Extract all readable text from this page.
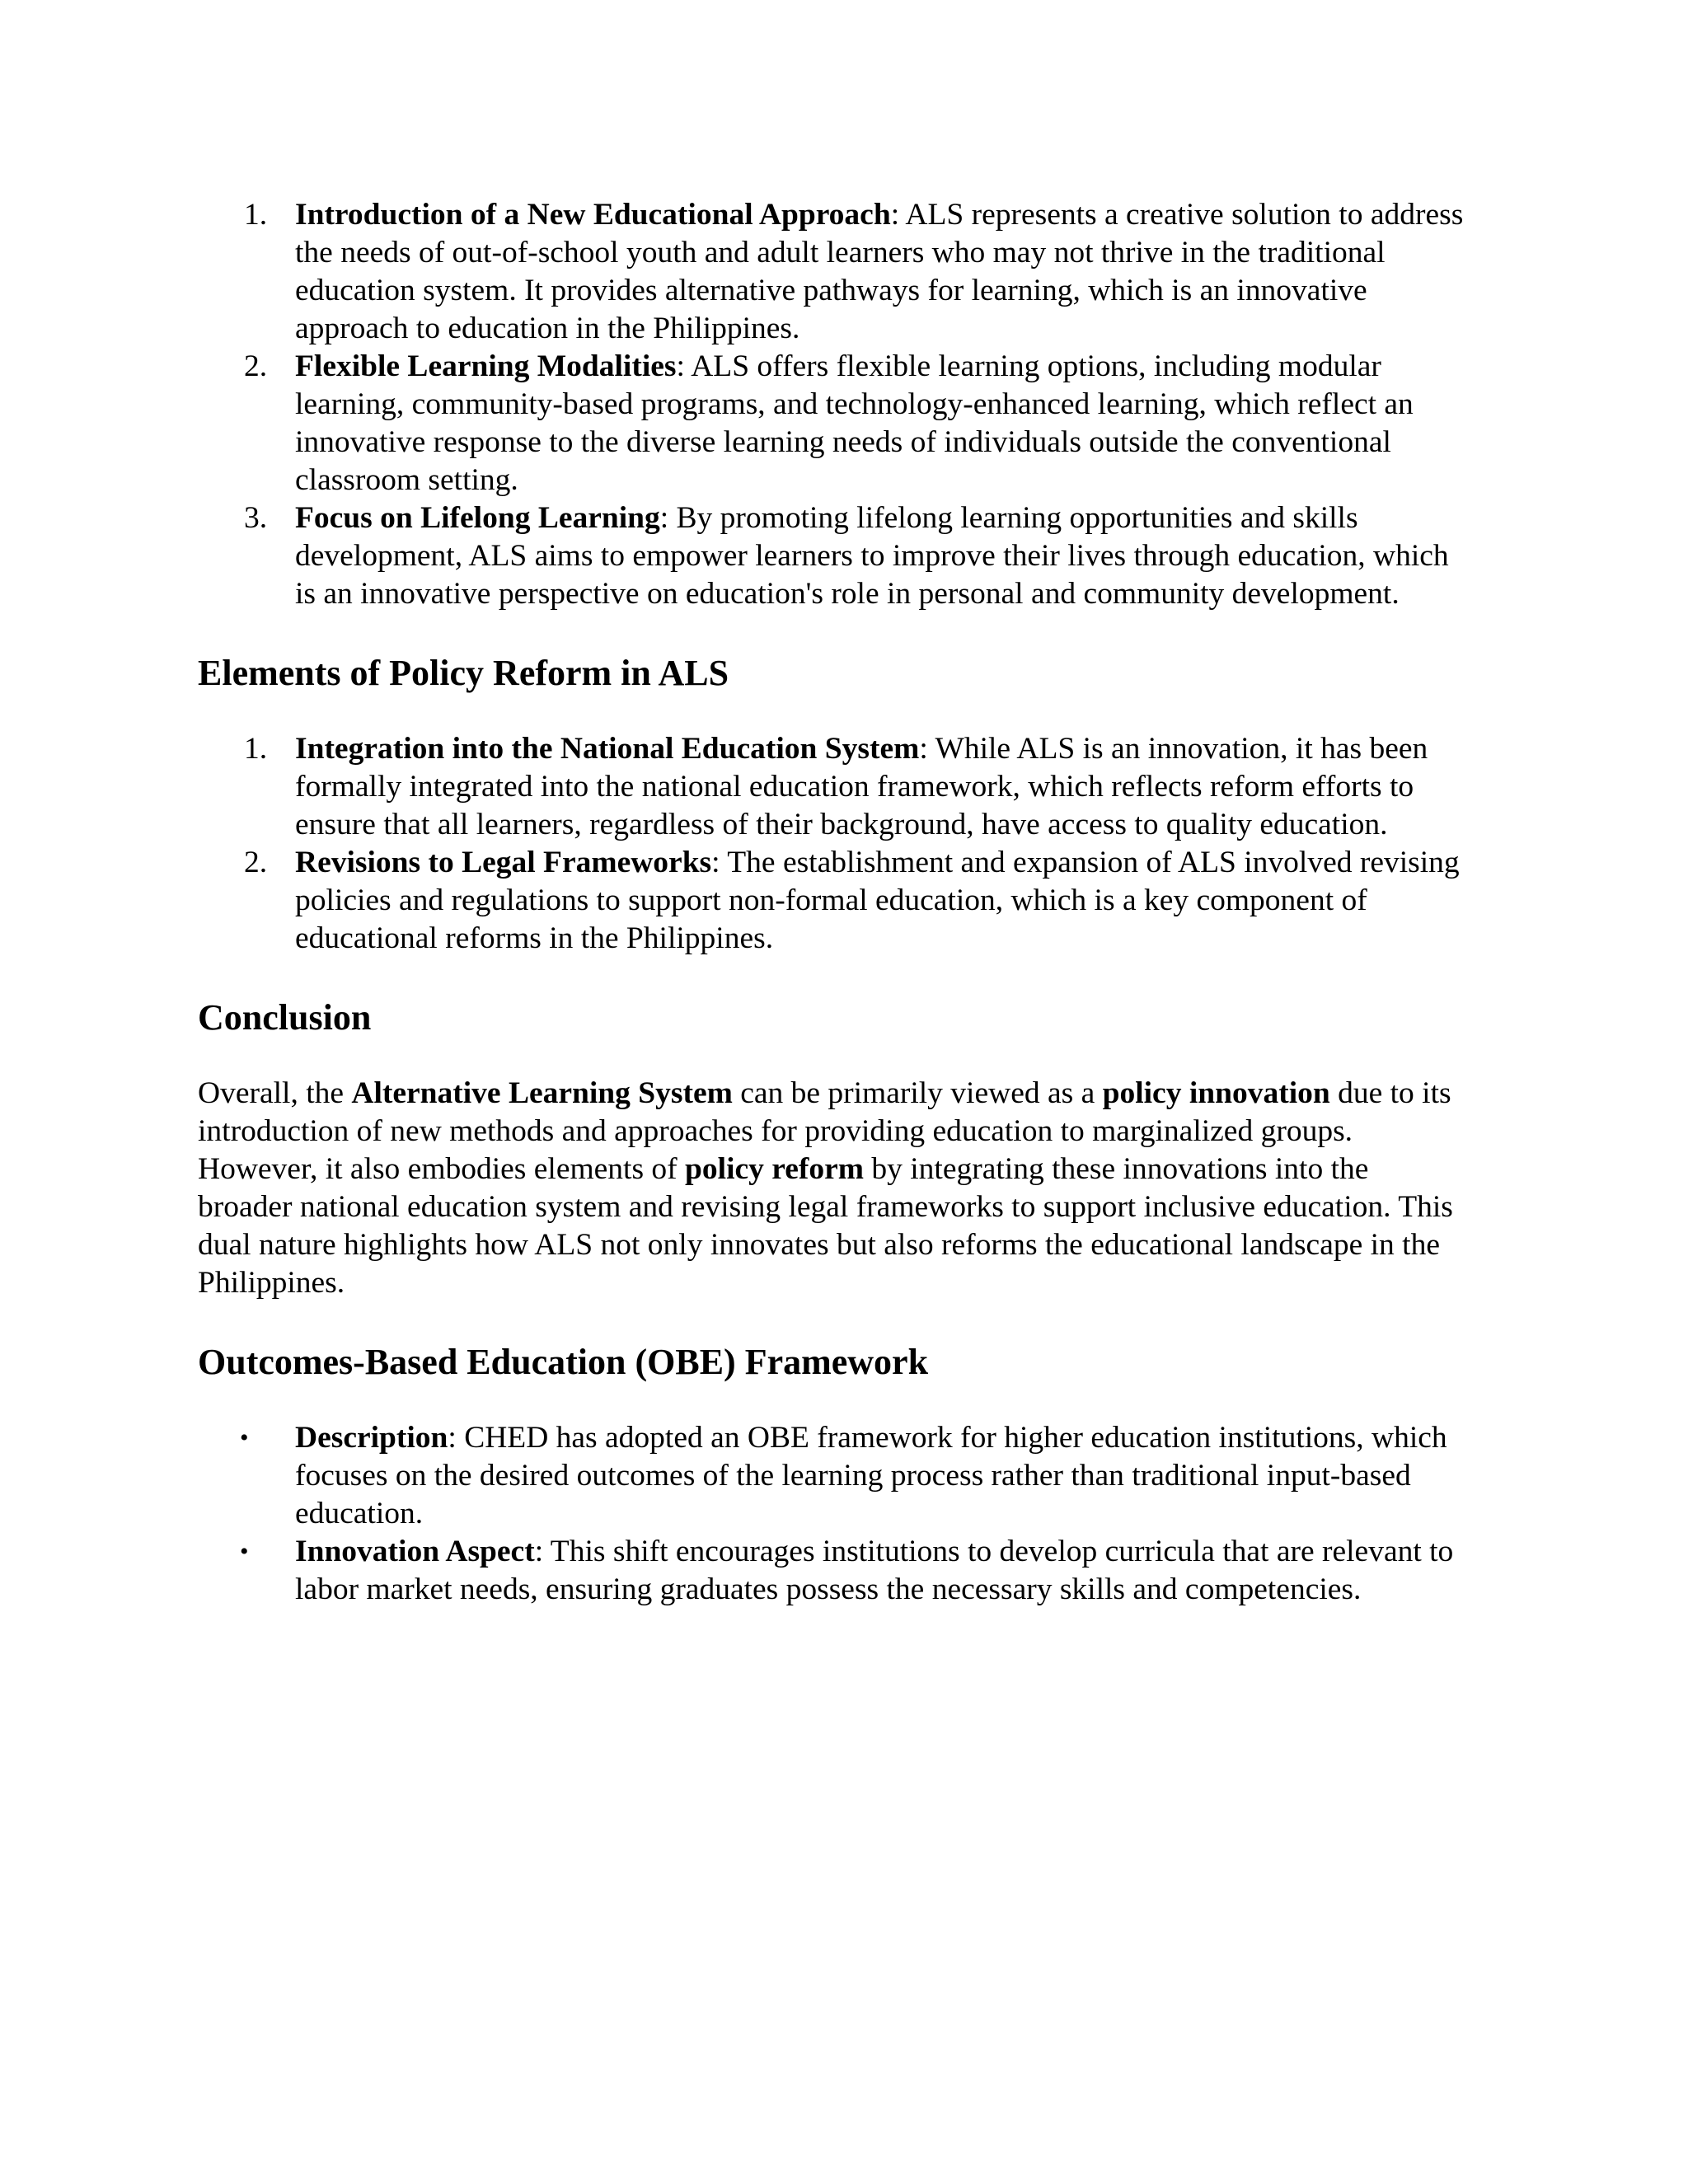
1. Introduction of a New Educational Approach: ALS represents a creative solution to address the needs of out-of-school youth and adult learners who may not thrive in the traditional education system. It provides alternative pathways for learning, which is an innovative approach to education in the Philippines.
2. Flexible Learning Modalities: ALS offers flexible learning options, including modular learning, community-based programs, and technology-enhanced learning, which reflect an innovative response to the diverse learning needs of individuals outside the conventional classroom setting.
3. Focus on Lifelong Learning: By promoting lifelong learning opportunities and skills development, ALS aims to empower learners to improve their lives through education, which is an innovative perspective on education's role in personal and community development.
Elements of Policy Reform in ALS
1. Integration into the National Education System: While ALS is an innovation, it has been formally integrated into the national education framework, which reflects reform efforts to ensure that all learners, regardless of their background, have access to quality education.
2. Revisions to Legal Frameworks: The establishment and expansion of ALS involved revising policies and regulations to support non-formal education, which is a key component of educational reforms in the Philippines.
Conclusion

Overall, the Alternative Learning System can be primarily viewed as a policy innovation due to its introduction of new methods and approaches for providing education to marginalized groups. However, it also embodies elements of policy reform by integrating these innovations into the broader national education system and revising legal frameworks to support inclusive education. This dual nature highlights how ALS not only innovates but also reforms the educational landscape in the Philippines.

Outcomes-Based Education (OBE) Framework
• Description: CHED has adopted an OBE framework for higher education institutions, which focuses on the desired outcomes of the learning process rather than traditional input-based education.
• Innovation Aspect: This shift encourages institutions to develop curricula that are relevant to labor market needs, ensuring graduates possess the necessary skills and competencies.
